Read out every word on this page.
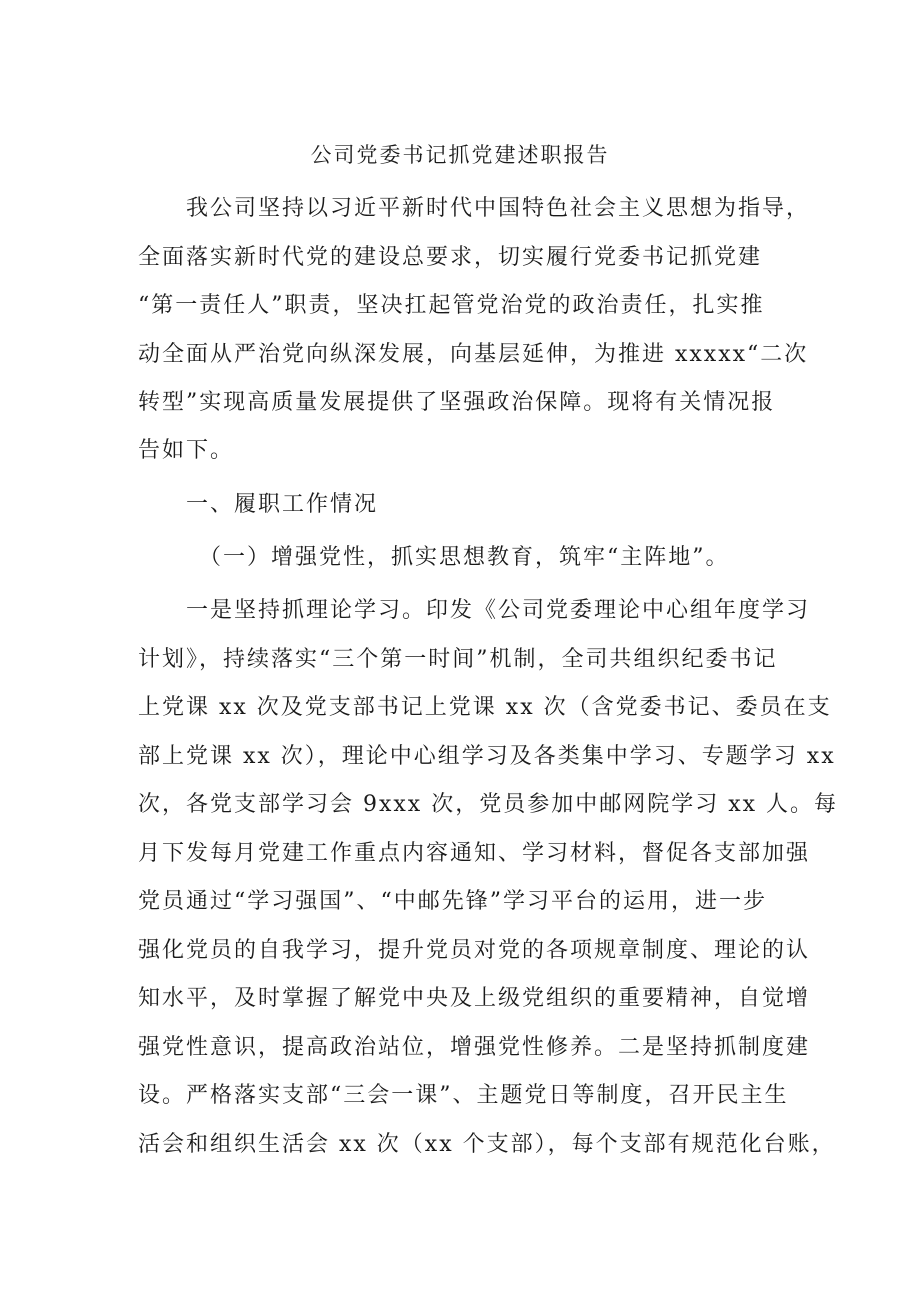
公司党委书记抓党建述职报告
　　我公司坚持以习近平新时代中国特色社会主义思想为指导，
全面落实新时代党的建设总要求，切实履行党委书记抓党建
“第一责任人”职责，坚决扛起管党治党的政治责任，扎实推
动全面从严治党向纵深发展，向基层延伸，为推进 xxxxx“二次
转型”实现高质量发展提供了坚强政治保障。现将有关情况报
告如下。
　　一、履职工作情况
　　　（一）增强党性，抓实思想教育，筑牢“主阵地”。
　　一是坚持抓理论学习。印发《公司党委理论中心组年度学习
计划》，持续落实“三个第一时间”机制，全司共组织纪委书记
上党课 xx 次及党支部书记上党课 xx 次（含党委书记、委员在支
部上党课 xx 次），理论中心组学习及各类集中学习、专题学习 xx
次，各党支部学习会 9xxx 次，党员参加中邮网院学习 xx 人。每
月下发每月党建工作重点内容通知、学习材料，督促各支部加强
党员通过“学习强国”、“中邮先锋”学习平台的运用，进一步
强化党员的自我学习，提升党员对党的各项规章制度、理论的认
知水平，及时掌握了解党中央及上级党组织的重要精神，自觉增
强党性意识，提高政治站位，增强党性修养。二是坚持抓制度建
设。严格落实支部“三会一课”、主题党日等制度，召开民主生
活会和组织生活会 xx 次（xx 个支部），每个支部有规范化台账，
